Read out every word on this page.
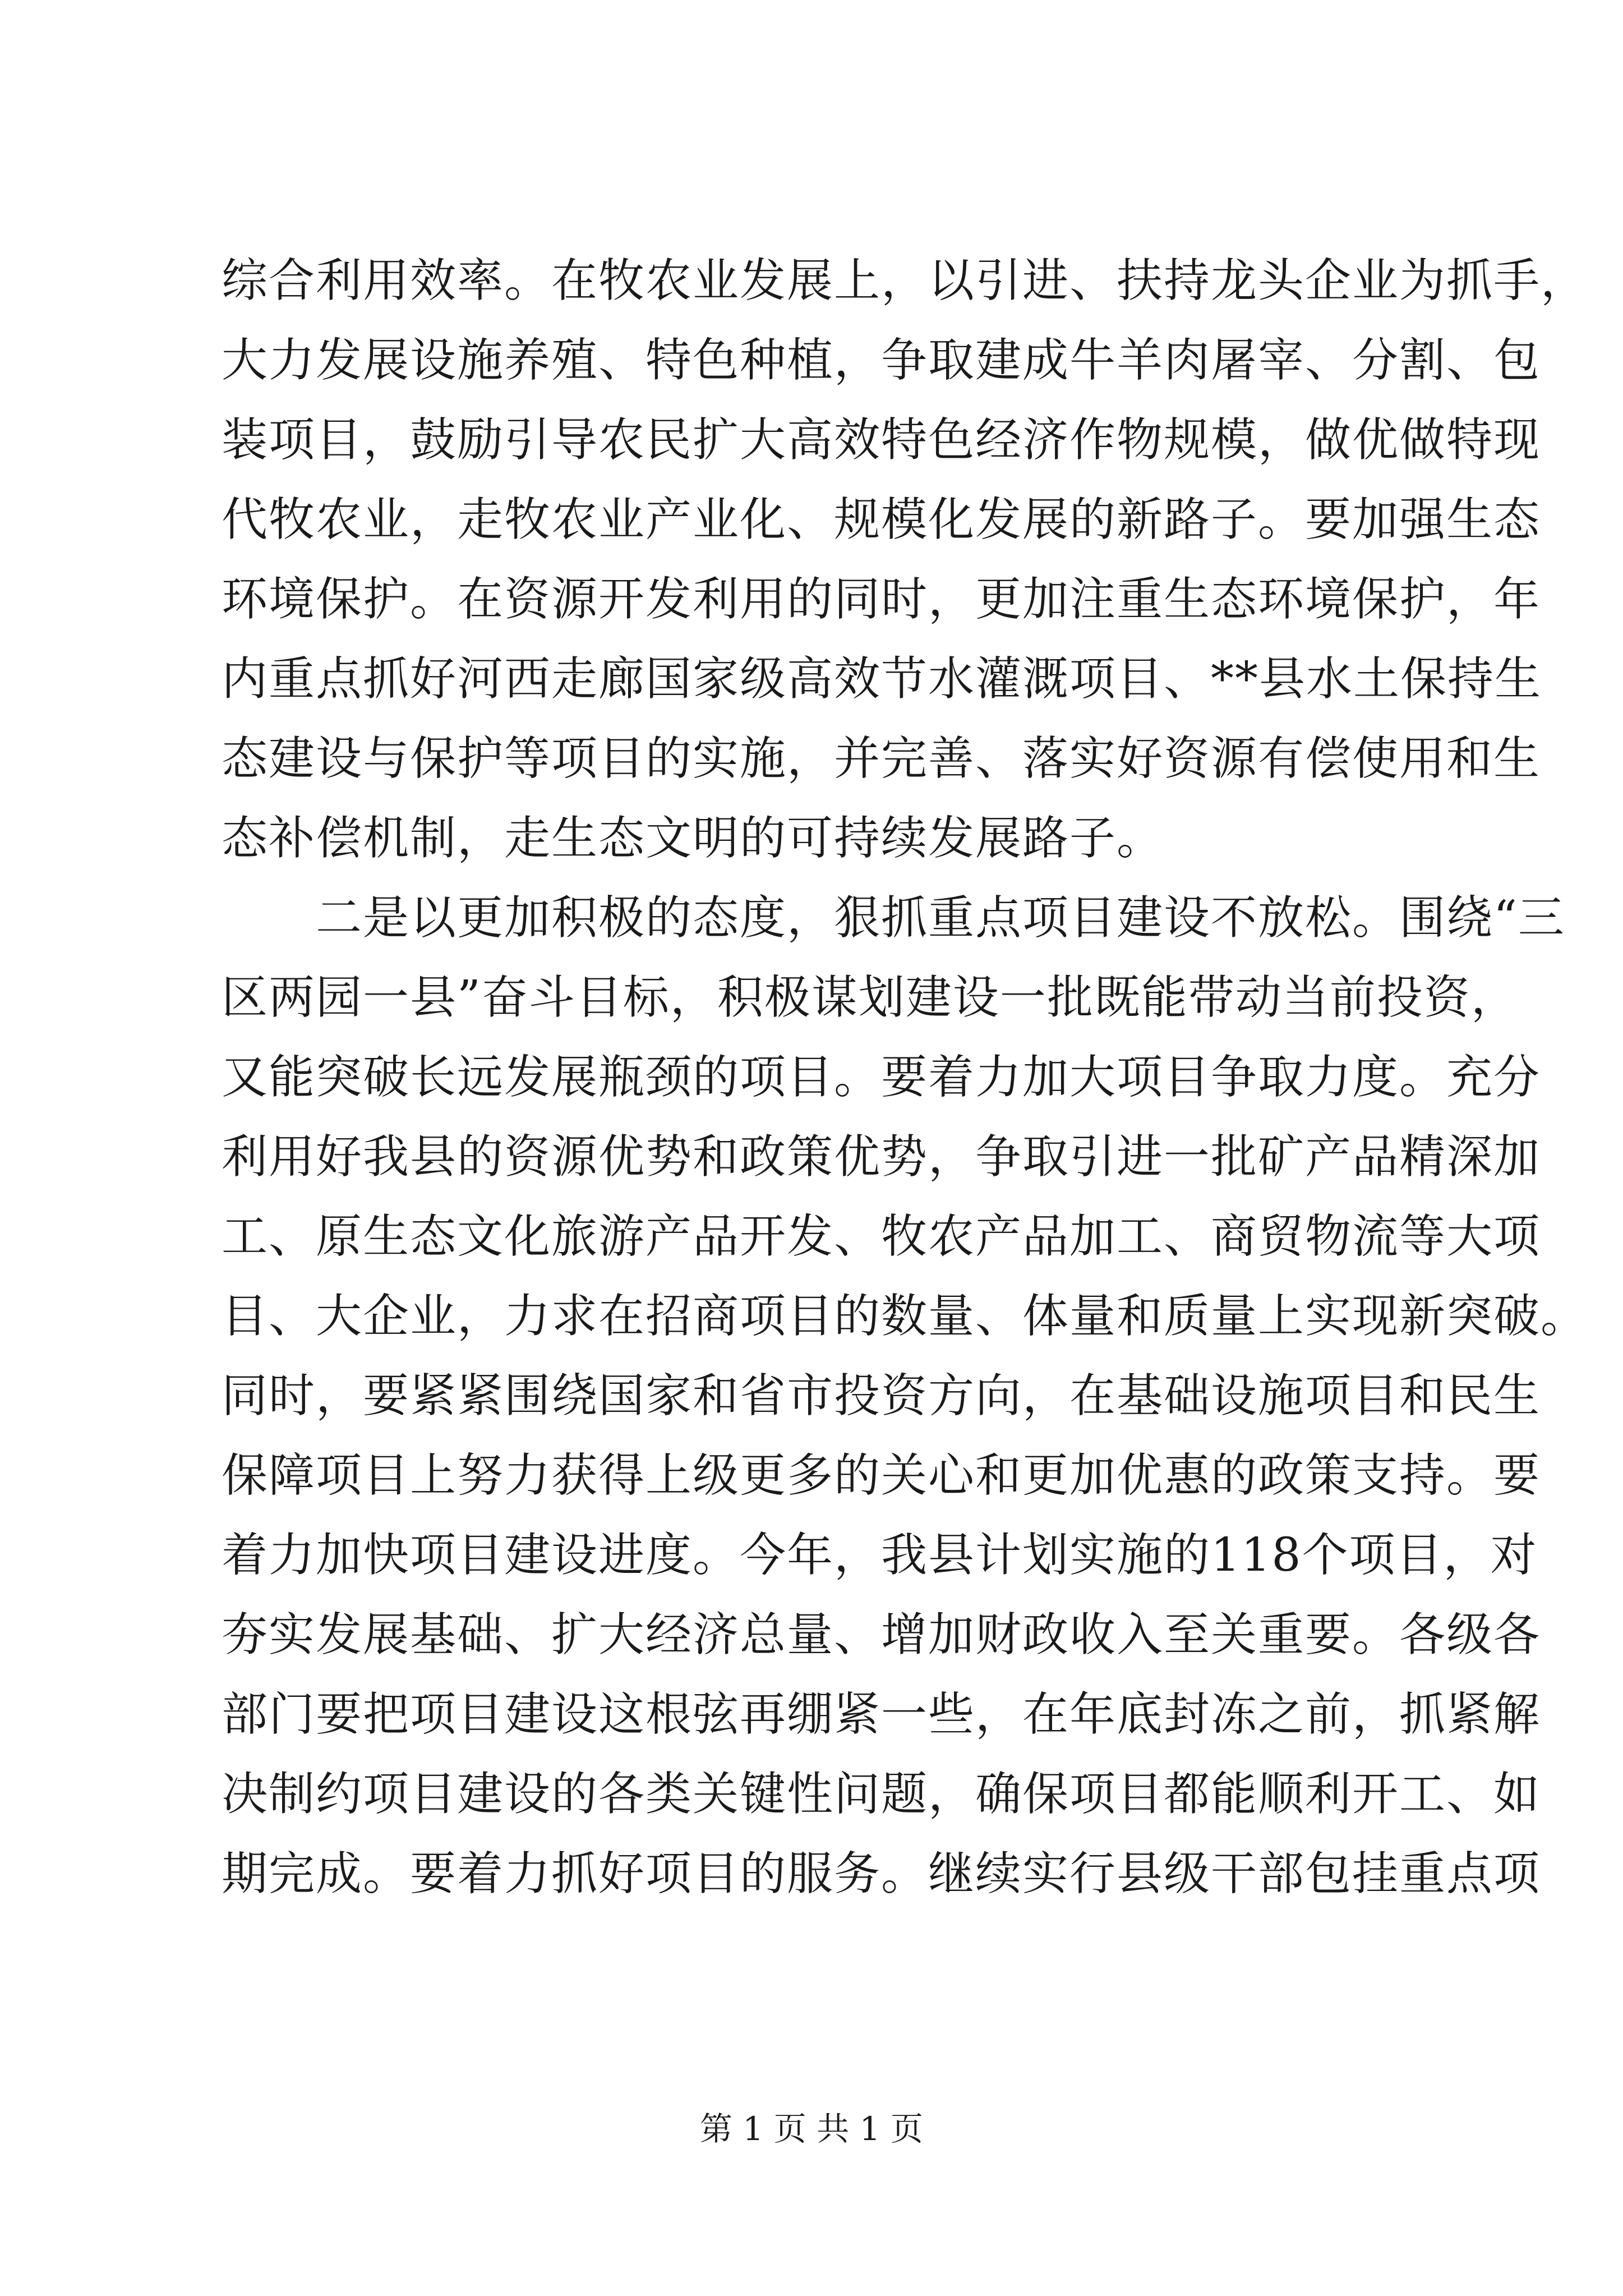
综合利用效率。在牧农业发展上，以引进、扶持龙头企业为抓手，
大力发展设施养殖、特色种植，争取建成牛羊肉屠宰、分割、包
装项目，鼓励引导农民扩大高效特色经济作物规模，做优做特现
代牧农业，走牧农业产业化、规模化发展的新路子。要加强生态
环境保护。在资源开发利用的同时，更加注重生态环境保护，年
内重点抓好河西走廊国家级高效节水灌溉项目、**县水土保持生
态建设与保护等项目的实施，并完善、落实好资源有偿使用和生
态补偿机制，走生态文明的可持续发展路子。
二是以更加积极的态度，狠抓重点项目建设不放松。围绕“三
区两园一县”奋斗目标，积极谋划建设一批既能带动当前投资，
又能突破长远发展瓶颈的项目。要着力加大项目争取力度。充分
利用好我县的资源优势和政策优势，争取引进一批矿产品精深加
工、原生态文化旅游产品开发、牧农产品加工、商贸物流等大项
目、大企业，力求在招商项目的数量、体量和质量上实现新突破。
同时，要紧紧围绕国家和省市投资方向，在基础设施项目和民生
保障项目上努力获得上级更多的关心和更加优惠的政策支持。要
着力加快项目建设进度。今年，我县计划实施的118个项目，对
夯实发展基础、扩大经济总量、增加财政收入至关重要。各级各
部门要把项目建设这根弦再绷紧一些，在年底封冻之前，抓紧解
决制约项目建设的各类关键性问题，确保项目都能顺利开工、如
期完成。要着力抓好项目的服务。继续实行县级干部包挂重点项
第 1 页 共 1 页
